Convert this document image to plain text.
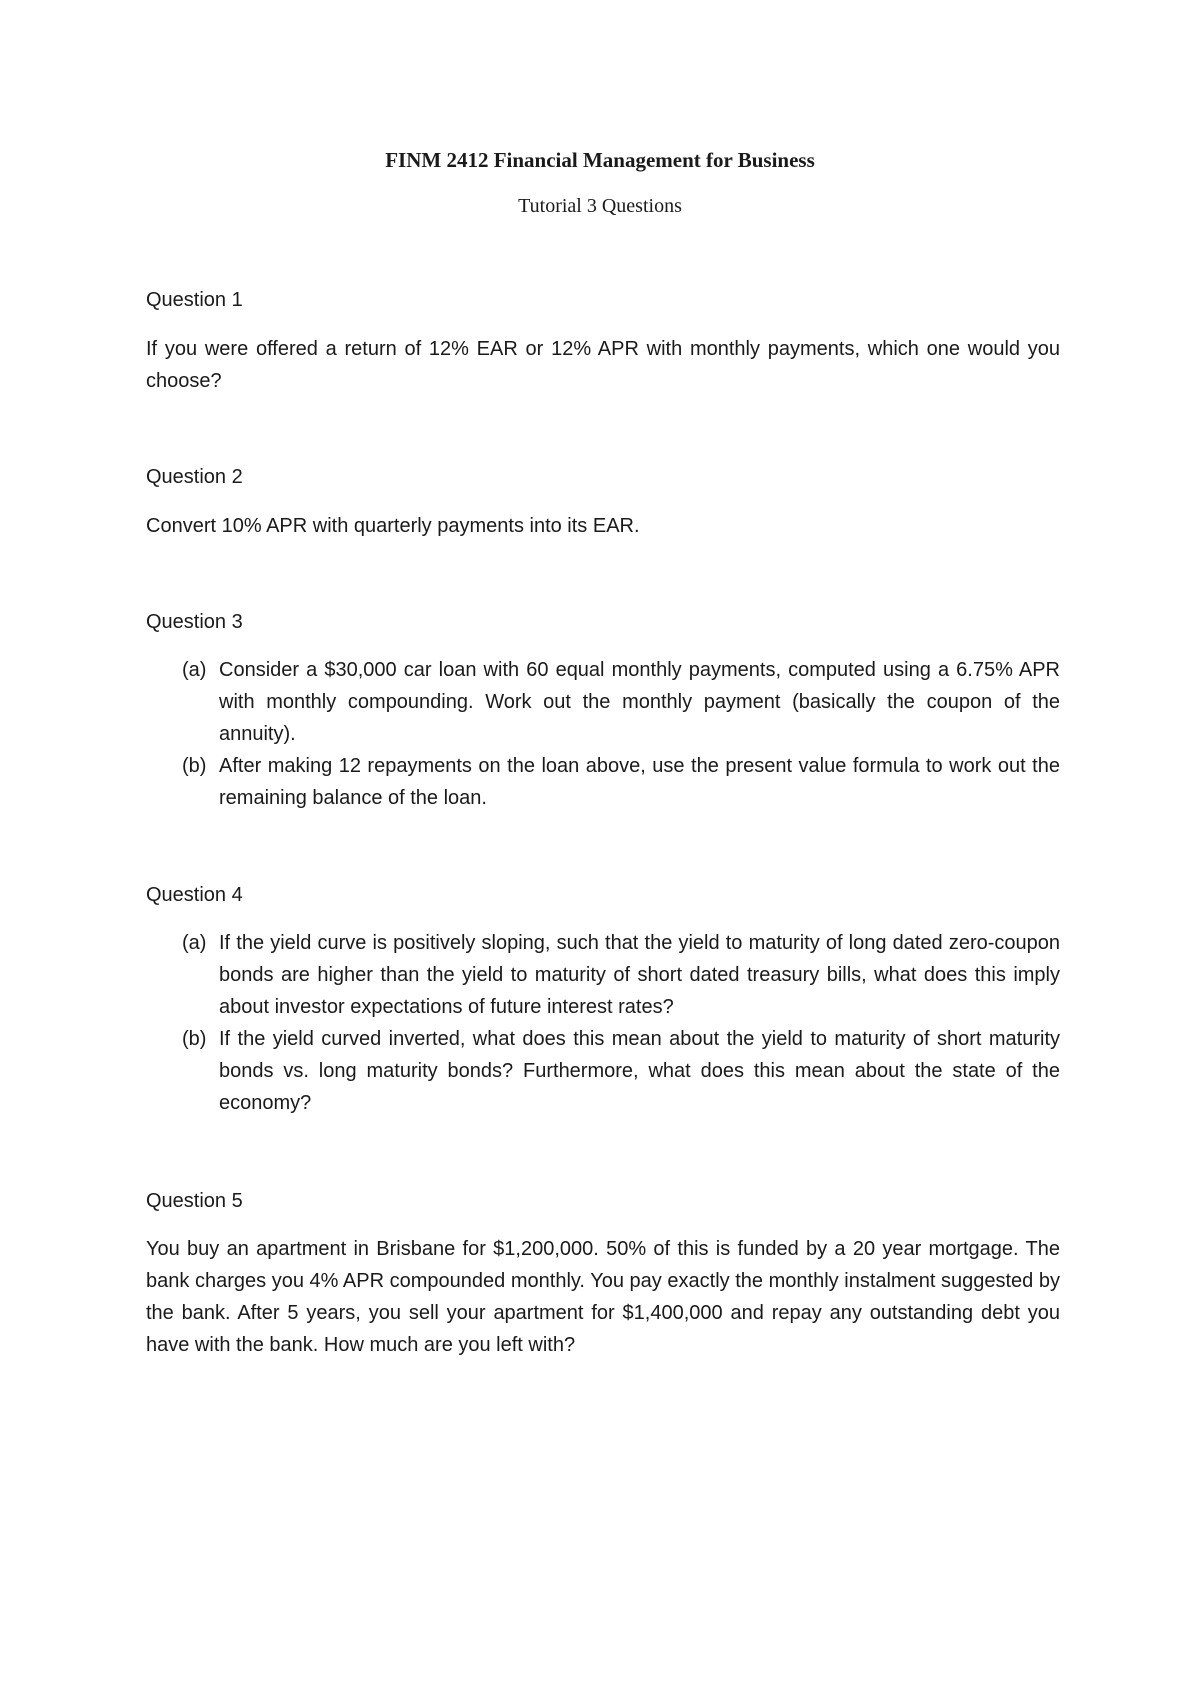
FINM 2412 Financial Management for Business

Tutorial 3 Questions

Question 1

If you were offered a return of 12% EAR or 12% APR with monthly payments, which one would you choose?

Question 2

Convert 10% APR with quarterly payments into its EAR.

Question 3
(a) Consider a $30,000 car loan with 60 equal monthly payments, computed using a 6.75% APR with monthly compounding. Work out the monthly payment (basically the coupon of the annuity).
(b) After making 12 repayments on the loan above, use the present value formula to work out the remaining balance of the loan.
Question 4
(a) If the yield curve is positively sloping, such that the yield to maturity of long dated zero-coupon bonds are higher than the yield to maturity of short dated treasury bills, what does this imply about investor expectations of future interest rates?
(b) If the yield curved inverted, what does this mean about the yield to maturity of short maturity bonds vs. long maturity bonds? Furthermore, what does this mean about the state of the economy?
Question 5

You buy an apartment in Brisbane for $1,200,000. 50% of this is funded by a 20 year mortgage. The bank charges you 4% APR compounded monthly. You pay exactly the monthly instalment suggested by the bank. After 5 years, you sell your apartment for $1,400,000 and repay any outstanding debt you have with the bank. How much are you left with?
